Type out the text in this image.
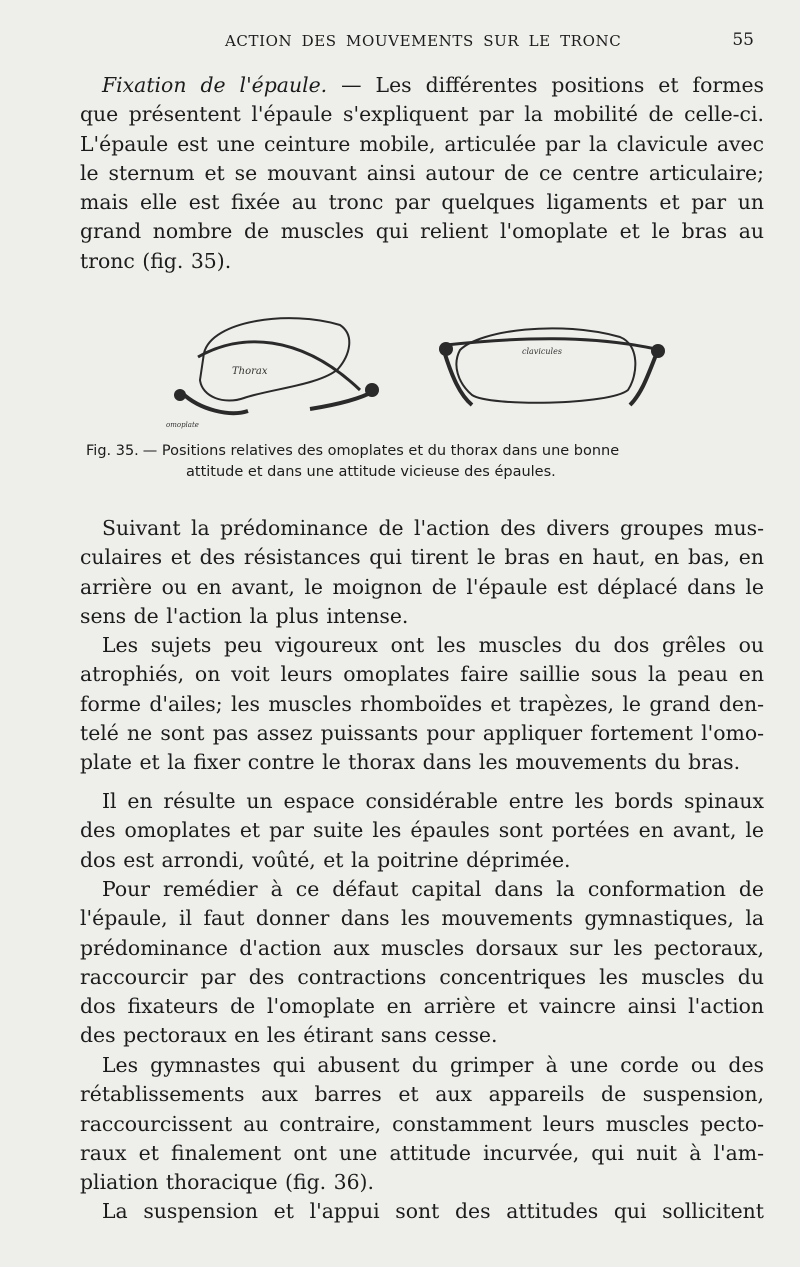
ACTION DES MOUVEMENTS SUR LE TRONC	55
Fixation de l'épaule. — Les différentes positions et formes
que présentent l'épaule s'expliquent par la mobilité de celle-ci.
L'épaule est une ceinture mobile, articulée par la clavicule avec
le sternum et se mouvant ainsi autour de ce centre articulaire;
mais elle est fixée au tronc par quelques ligaments et par un
grand nombre de muscles qui relient l'omoplate et le bras au
tronc (fig. 35).
Thorax
omoplate
clavicules
Fig. 35. — Positions relatives des omoplates et du thorax dans une bonne
attitude et dans une attitude vicieuse des épaules.
Suivant la prédominance de l'action des divers groupes mus-
culaires et des résistances qui tirent le bras en haut, en bas, en
arrière ou en avant, le moignon de l'épaule est déplacé dans le
sens de l'action la plus intense.
Les sujets peu vigoureux ont les muscles du dos grêles ou
atrophiés, on voit leurs omoplates faire saillie sous la peau en
forme d'ailes; les muscles rhomboïdes et trapèzes, le grand den-
telé ne sont pas assez puissants pour appliquer fortement l'omo-
plate et la fixer contre le thorax dans les mouvements du bras.
Il en résulte un espace considérable entre les bords spinaux
des omoplates et par suite les épaules sont portées en avant, le
dos est arrondi, voûté, et la poitrine déprimée.
Pour remédier à ce défaut capital dans la conformation de
l'épaule, il faut donner dans les mouvements gymnastiques, la
prédominance d'action aux muscles dorsaux sur les pectoraux,
raccourcir par des contractions concentriques les muscles du
dos fixateurs de l'omoplate en arrière et vaincre ainsi l'action
des pectoraux en les étirant sans cesse.
Les gymnastes qui abusent du grimper à une corde ou des
rétablissements aux barres et aux appareils de suspension,
raccourcissent au contraire, constamment leurs muscles pecto-
raux et finalement ont une attitude incurvée, qui nuit à l'am-
pliation thoracique (fig. 36).
La suspension et l'appui sont des attitudes qui sollicitent
